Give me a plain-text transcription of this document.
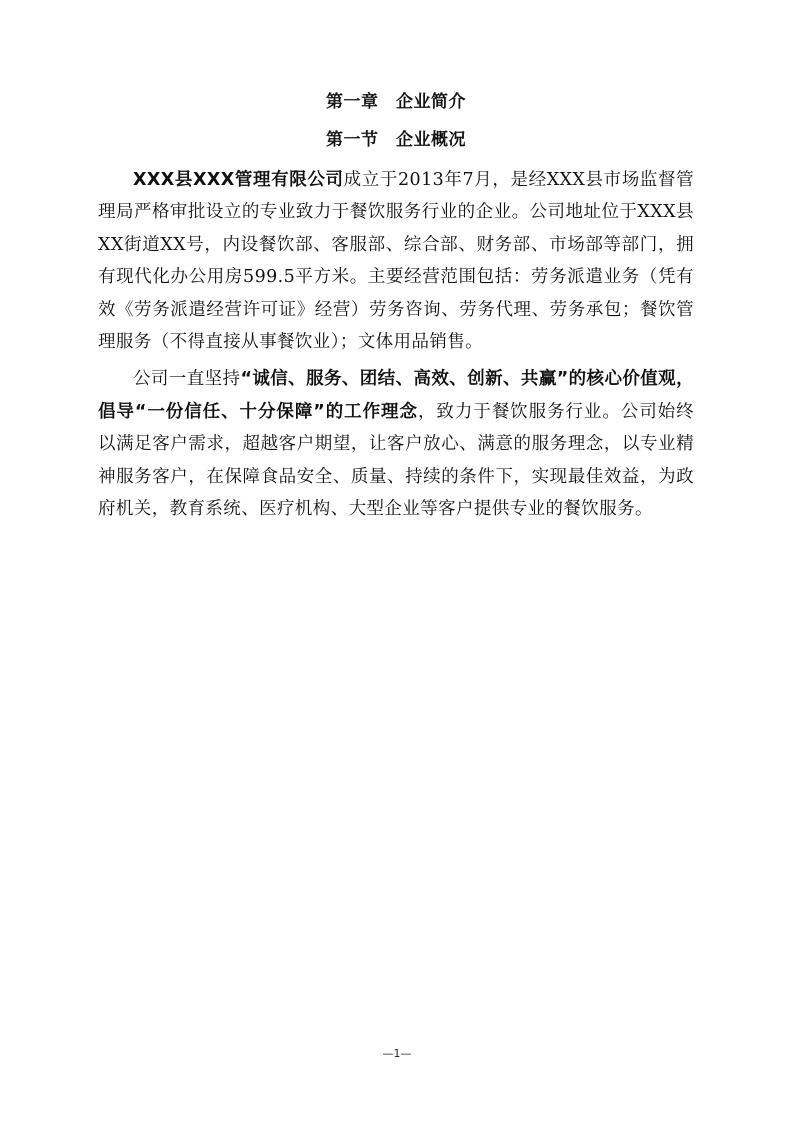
第一章　企业简介
第一节　企业概况

XXX县XXX管理有限公司成立于2013年7月，是经XXX县市场监督管理局严格审批设立的专业致力于餐饮服务行业的企业。公司地址位于XXX县XX街道XX号，内设餐饮部、客服部、综合部、财务部、市场部等部门，拥有现代化办公用房599.5平方米。主要经营范围包括：劳务派遣业务（凭有效《劳务派遣经营许可证》经营）劳务咨询、劳务代理、劳务承包；餐饮管理服务（不得直接从事餐饮业）；文体用品销售。

公司一直坚持“诚信、服务、团结、高效、创新、共赢”的核心价值观，倡导“一份信任、十分保障”的工作理念，致力于餐饮服务行业。公司始终以满足客户需求，超越客户期望，让客户放心、满意的服务理念，以专业精神服务客户，在保障食品安全、质量、持续的条件下，实现最佳效益，为政府机关，教育系统、医疗机构、大型企业等客户提供专业的餐饮服务。

—1—
